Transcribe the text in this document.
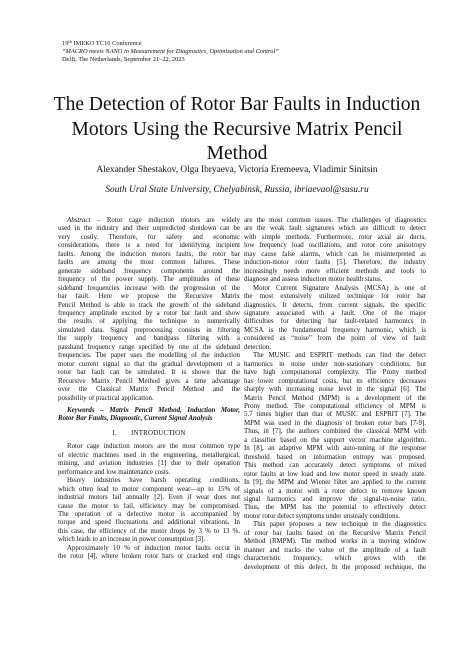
19th IMEKO TC10 Conference
“MACRO meets NANO in Measurement for Diagnostics, Optimization and Control”
Delft, The Netherlands, September 21–22, 2023
The Detection of Rotor Bar Faults in Induction
Motors Using the Recursive Matrix Pencil
Method
Alexander Shestakov, Olga Ibryaeva, Victoria Eremeeva, Vladimir Sinitsin
South Ural State University, Chelyabinsk, Russia, ibriaevaol@susu.ru
Abstract – Rotor cage induction motors are widely
used in the industry and their unpredicted shutdown can be
very costly. Therefore, for safety and economic
considerations, there is a need for identifying incipient
faults. Among the induction motors faults, the rotor bar
faults are among the most common failures. These
generate sideband frequency components around the
frequency of the power supply. The amplitudes of these
sideband frequencies increase with the progression of the
bar fault. Here we propose the Recursive Matrix
Pencil Method is able to track the growth of the sideband
frequency amplitude excited by a rotor bar fault and show
the results of applying the technique to numerically
simulated data. Signal preprocessing consists in filtering
the supply frequency and bandpass filtering with a
passband frequency range specified by one of the sideband
frequencies. The paper uses the modelling of the induction
motor current signal so that the gradual development of a
rotor bar fault can be simulated. It is shown that the
Recursive Matrix Pencil Method gives a time advantage
over the Classical Matrix Pencil Method and the
possibility of practical application.
Keywords – Matrix Pencil Method, Induction Motor,
Rotor Bar Faults, Diagnostic, Current Signal Analysis
I.  INTRODUCTION
Rotor cage induction motors are the most common type
of electric machines used in the engineering, metallurgical,
mining, and aviation industries [1] due to their operation
performance and low maintenance costs.
Heavy industries have harsh operating conditions,
which often lead to motor component wear—up to 15% of
industrial motors fail annually [2]. Even if wear does not
cause the motor to fail, efficiency may be compromised.
The operation of a defective motor is accompanied by
torque and speed fluctuations and additional vibrations. In
this case, the efficiency of the motor drops by 3 % to 13 %,
which leads to an increase in power consumption [3].
Approximately 10 % of induction motor faults occur in
the rotor [4], where broken rotor bars or cracked end rings
are the most common issues. The challenges of diagnostics
are the weak fault signatures which are difficult to detect
with simple methods. Furthermore, rotor axial air ducts,
low frequency load oscillations, and rotor core anisotropy
may cause false alarms, which can be misinterpreted as
induction-motor rotor faults [5]. Therefore, the industry
increasingly needs more efficient methods and tools to
diagnose and assess induction motor health status.
Motor Current Signature Analysis (MCSA) is one of
the most extensively utilized technique for rotor bar
diagnostics. It detects, from current signals, the specific
signature associated with a fault. One of the major
difficulties for detecting bar fault-related harmonics in
MCSA is the fundamental frequency harmonic, which is
considered as “noise” from the point of view of fault
detection.
The MUSIC and ESPRIT methods can find the defect
harmonics in noise under non-stationary conditions, but
have high computational complexity. The Prony method
has lower computational costs, but its efficiency decreases
sharply with increasing noise level in the signal [6]. The
Matrix Pencil Method (MPM) is a development of the
Prony method. The computational efficiency of MPM is
5.7 times higher than that of MUSIC and ESPRIT [7]. The
MPM was used in the diagnosis of broken rotor bars [7-9].
Thus, in [7], the authors combined the classical MPM with
a classifier based on the support vector machine algorithm.
In [8], an adaptive MPM with auto-tuning of the response
threshold based on information entropy was proposed.
This method can accurately detect symptoms of mixed
rotor faults at low load and low motor speed in steady state.
In [9], the MPM and Wiener filter are applied to the current
signals of a motor with a rotor defect to remove known
signal harmonics and improve the signal-to-noise ratio.
Thus, the MPM has the potential to effectively detect
motor rotor defect symptoms under unsteady conditions.
This paper proposes a new technique in the diagnostics
of rotor bar faults based on the Recursive Matrix Pencil
Method (RMPM). The method works in a moving window
manner and tracks the value of the amplitude of a fault
characteristic frequency, which grows with the
development of this defect. In the proposed technique, the
